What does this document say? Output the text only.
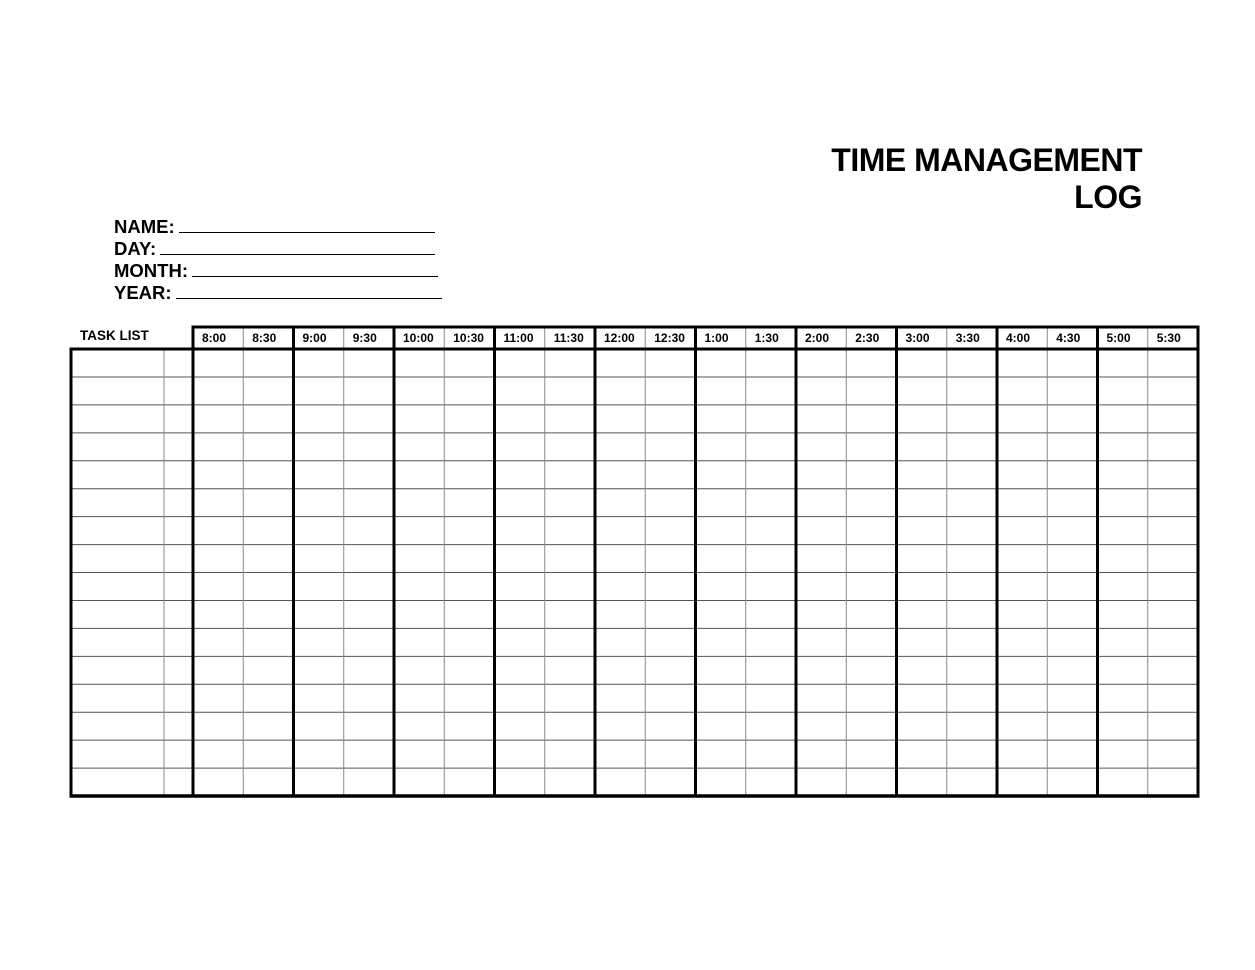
TIME MANAGEMENT
LOG
NAME:
DAY:
MONTH:
YEAR:
TASK LIST	8:00 8:30 9:00 9:30 10:00 10:30 11:00 11:30 12:00 12:30 1:00 1:30 2:00 2:30 3:00 3:30 4:00 4:30 5:00 5:30
